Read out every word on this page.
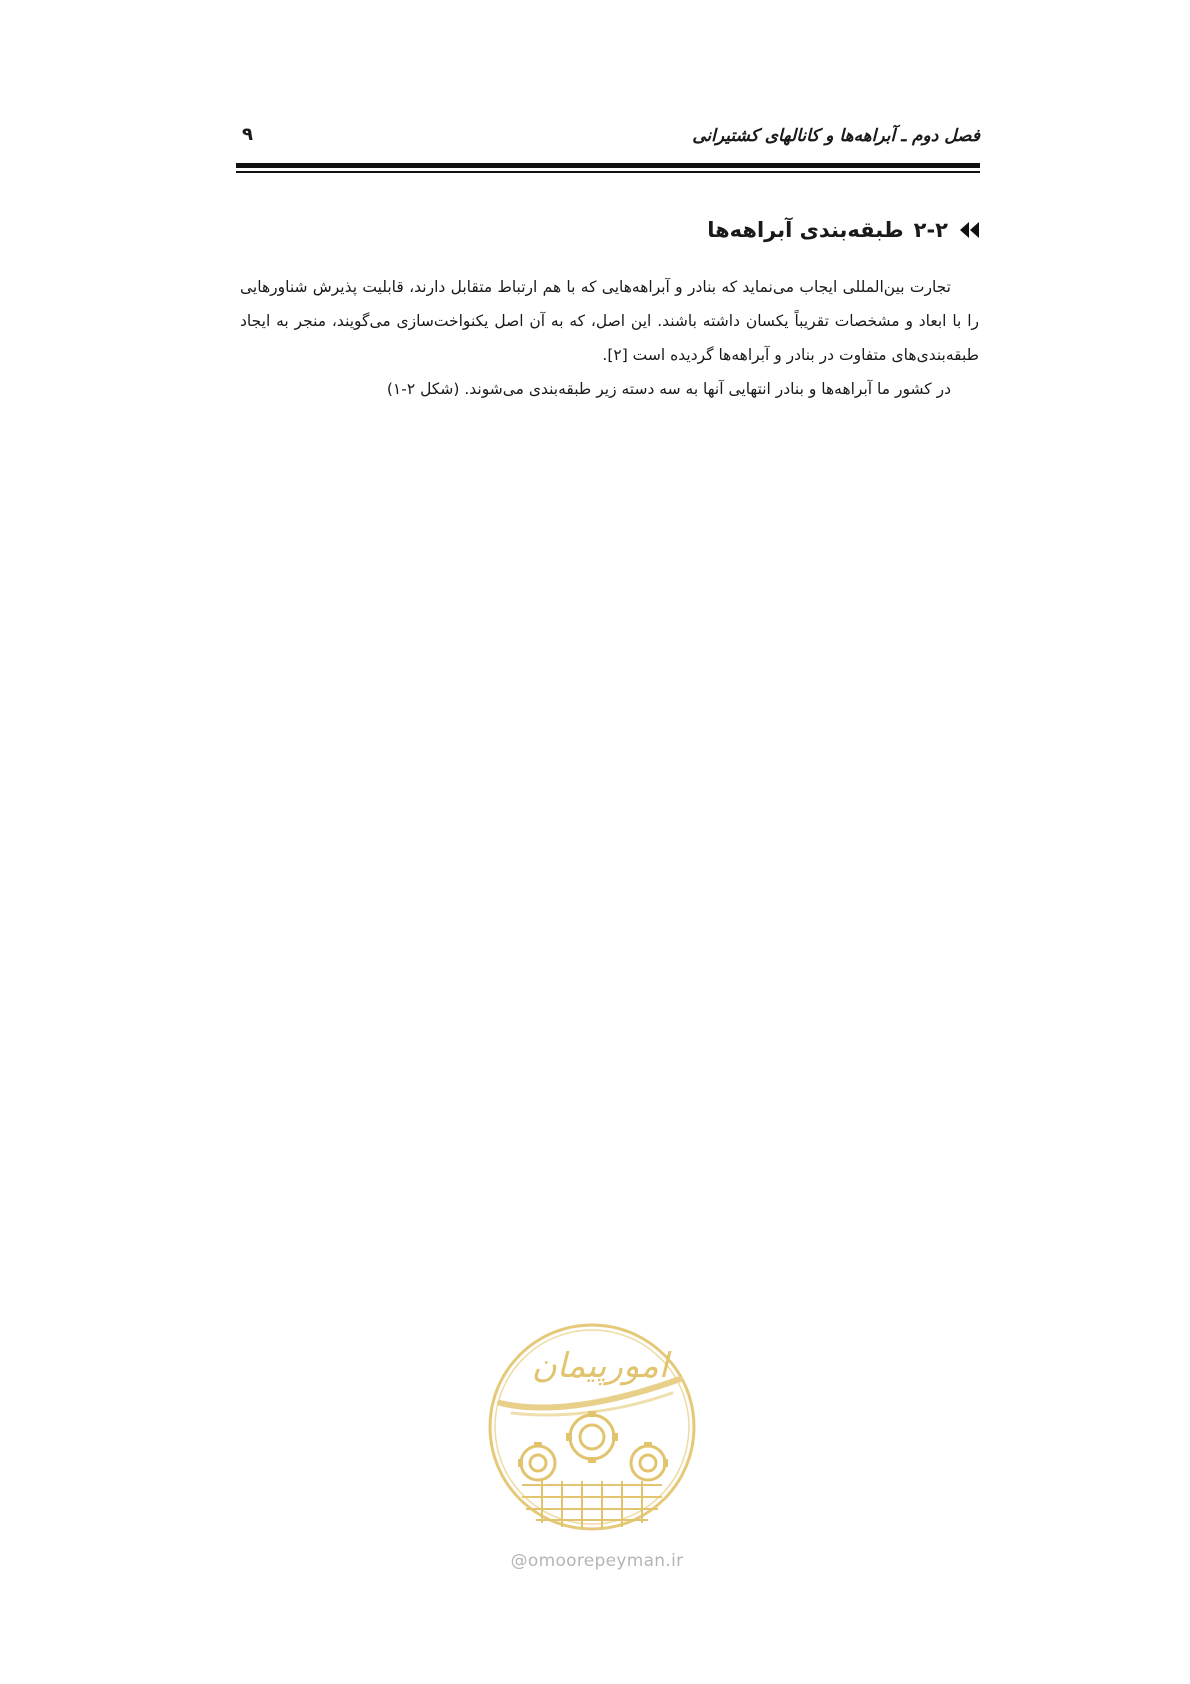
فصل دوم ـ آبراهه‌ها و کانالهای کشتیرانی
۹
۲-۲
طبقه‌بندی آبراهه‌ها

تجارت بین‌المللی ایجاب می‌نماید که بنادر و آبراهه‌هایی که با هم ارتباط متقابل دارند، قابلیت پذیرش شناورهایی را با ابعاد و مشخصات تقریباً یکسان داشته باشند. این اصل، که به آن اصل یکنواخت‌سازی می‌گویند، منجر به ایجاد طبقه‌بندی‌های متفاوت در بنادر و آبراهه‌ها گردیده است [۲].

در کشور ما آبراهه‌ها و بنادر انتهایی آنها به سه دسته زیر طبقه‌بندی می‌شوند. (شکل ۲-۱)

امورپیمان
@omoorepeyman.ir
